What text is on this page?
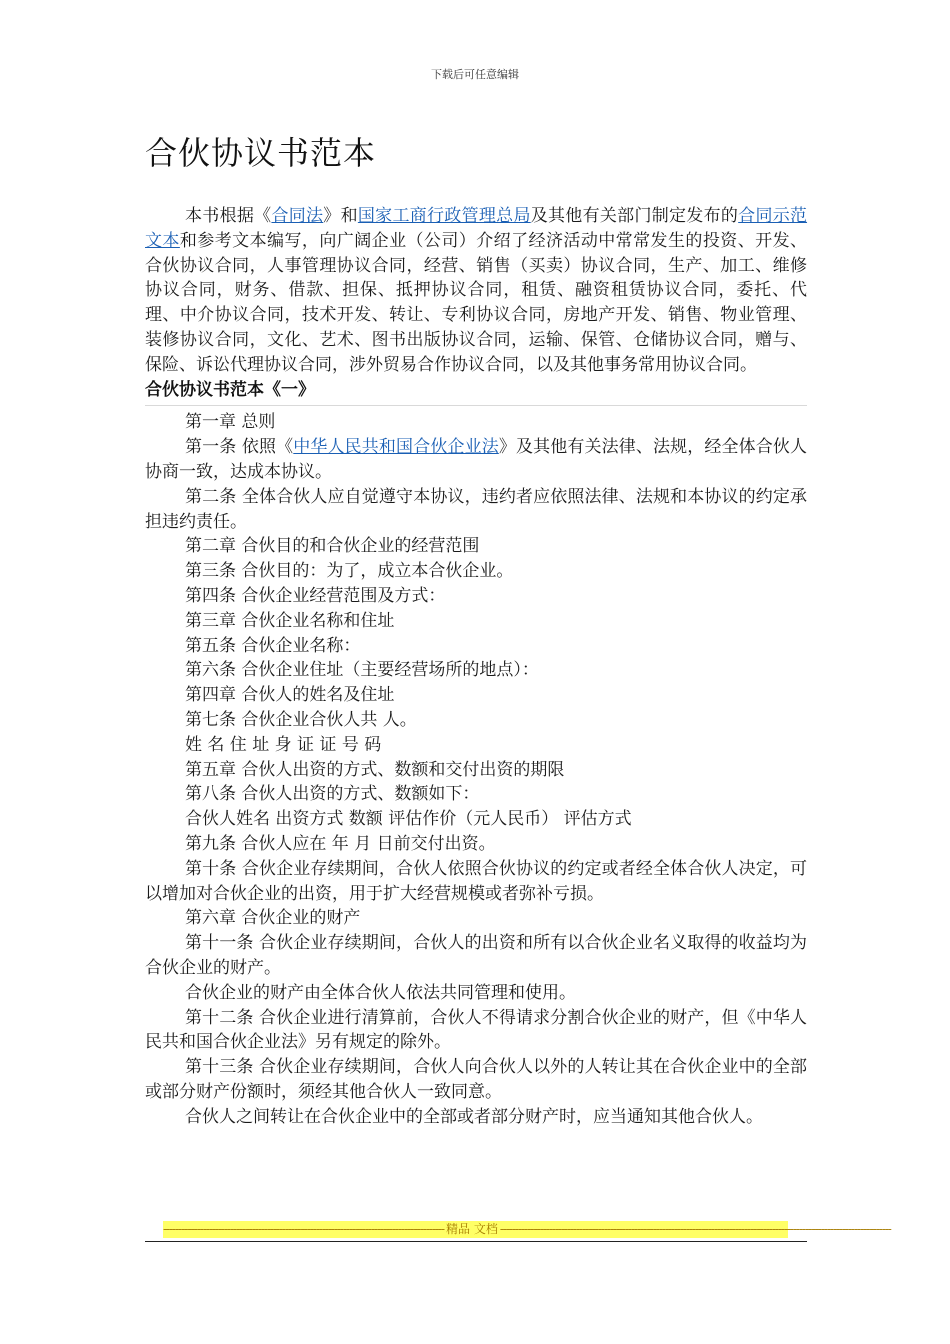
下载后可任意编辑
合伙协议书范本

本书根据《合同法》和国家工商行政管理总局及其他有关部门制定发布的合同示范文本和参考文本编写，向广阔企业（公司）介绍了经济活动中常常发生的投资、开发、合伙协议合同，人事管理协议合同，经营、销售（买卖）协议合同，生产、加工、维修协议合同，财务、借款、担保、抵押协议合同，租赁、融资租赁协议合同，委托、代理、中介协议合同，技术开发、转让、专利协议合同，房地产开发、销售、物业管理、装修协议合同，文化、艺术、图书出版协议合同，运输、保管、仓储协议合同，赠与、保险、诉讼代理协议合同，涉外贸易合作协议合同，以及其他事务常用协议合同。

合伙协议书范本《一》

第一章 总则

第一条 依照《中华人民共和国合伙企业法》及其他有关法律、法规，经全体合伙人协商一致，达成本协议。

第二条 全体合伙人应自觉遵守本协议，违约者应依照法律、法规和本协议的约定承担违约责任。

第二章 合伙目的和合伙企业的经营范围

第三条 合伙目的：为了，成立本合伙企业。

第四条 合伙企业经营范围及方式：

第三章 合伙企业名称和住址

第五条 合伙企业名称：

第六条 合伙企业住址（主要经营场所的地点）：

第四章 合伙人的姓名及住址

第七条 合伙企业合伙人共 人。

姓 名 住 址 身 证 证 号 码

第五章 合伙人出资的方式、数额和交付出资的期限

第八条 合伙人出资的方式、数额如下：

合伙人姓名 出资方式 数额 评估作价（元人民币） 评估方式

第九条 合伙人应在 年 月 日前交付出资。

第十条 合伙企业存续期间，合伙人依照合伙协议的约定或者经全体合伙人决定，可以增加对合伙企业的出资，用于扩大经营规模或者弥补亏损。

第六章 合伙企业的财产

第十一条 合伙企业存续期间，合伙人的出资和所有以合伙企业名义取得的收益均为合伙企业的财产。

合伙企业的财产由全体合伙人依法共同管理和使用。

第十二条 合伙企业进行清算前，合伙人不得请求分割合伙企业的财产，但《中华人民共和国合伙企业法》另有规定的除外。

第十三条 合伙企业存续期间，合伙人向合伙人以外的人转让其在合伙企业中的全部或部分财产份额时，须经其他合伙人一致同意。

合伙人之间转让在合伙企业中的全部或者部分财产时，应当通知其他合伙人。

-------------------------------------------------------------------------------------------- 精品 文档 --------------------------------------------------------------------------------------------------------------------------------
